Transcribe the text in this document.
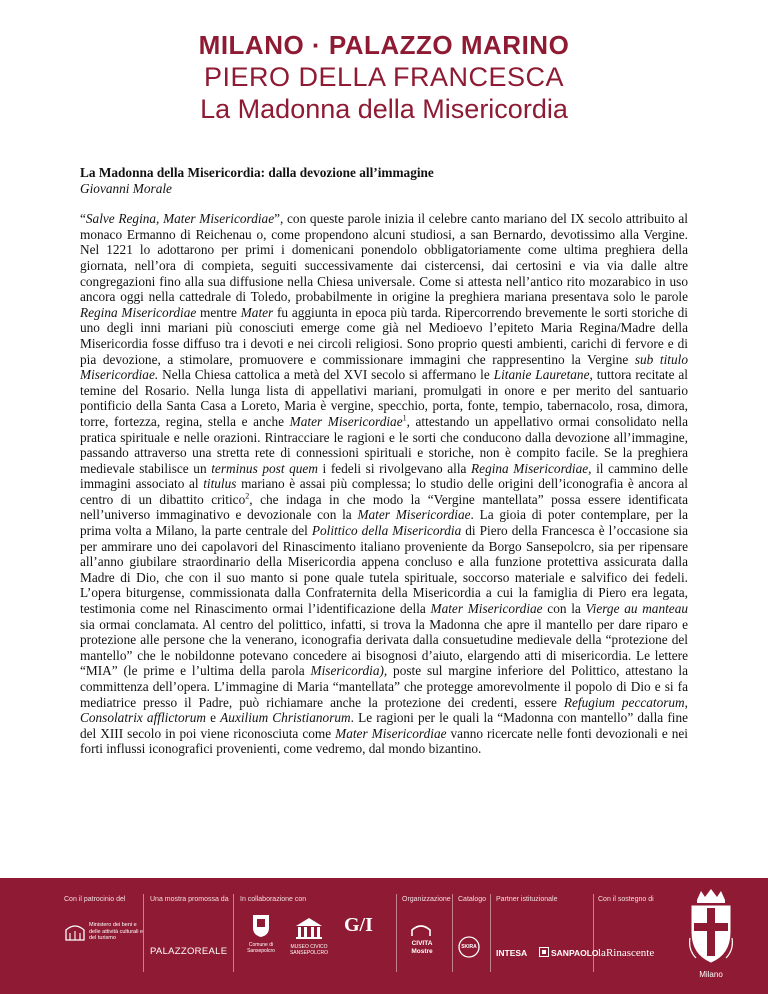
MILANO · PALAZZO MARINO
PIERO DELLA FRANCESCA
La Madonna della Misericordia
La Madonna della Misericordia: dalla devozione all’immagine
Giovanni Morale
“Salve Regina, Mater Misericordiae”, con queste parole inizia il celebre canto mariano del IX secolo attribuito al monaco Ermanno di Reichenau o, come propendono alcuni studiosi, a san Bernardo, devotissimo alla Vergine. Nel 1221 lo adottarono per primi i domenicani ponendolo obbligatoriamente come ultima preghiera della giornata, nell’ora di compieta, seguiti successivamente dai cistercensi, dai certosini e via via dalle altre congregazioni fino alla sua diffusione nella Chiesa universale. Come si attesta nell’antico rito mozarabico in uso ancora oggi nella cattedrale di Toledo, probabilmente in origine la preghiera mariana presentava solo le parole Regina Misericordiae mentre Mater fu aggiunta in epoca più tarda. Ripercorrendo brevemente le sorti storiche di uno degli inni mariani più conosciuti emerge come già nel Medioevo l’epiteto Maria Regina/Madre della Misericordia fosse diffuso tra i devoti e nei circoli religiosi. Sono proprio questi ambienti, carichi di fervore e di pia devozione, a stimolare, promuovere e commissionare immagini che rappresentino la Vergine sub titulo Misericordiae. Nella Chiesa cattolica a metà del XVI secolo si affermano le Litanie Lauretane, tuttora recitate al temine del Rosario. Nella lunga lista di appellativi mariani, promulgati in onore e per merito del santuario pontificio della Santa Casa a Loreto, Maria è vergine, specchio, porta, fonte, tempio, tabernacolo, rosa, dimora, torre, fortezza, regina, stella e anche Mater Misericordiae$^1$, attestando un appellativo ormai consolidato nella pratica spirituale e nelle orazioni. Rintracciare le ragioni e le sorti che conducono dalla devozione all’immagine, passando attraverso una stretta rete di connessioni spirituali e storiche, non è compito facile. Se la preghiera medievale stabilisce un terminus post quem i fedeli si rivolgevano alla Regina Misericordiae, il cammino delle immagini associato al titulus mariano è assai più complessa; lo studio delle origini dell’iconografia è ancora al centro di un dibattito critico$^2$, che indaga in che modo la “Vergine mantellata” possa essere identificata nell’universo immaginativo e devozionale con la Mater Misericordiae. La gioia di poter contemplare, per la prima volta a Milano, la parte centrale del Polittico della Misericordia di Piero della Francesca è l’occasione sia per ammirare uno dei capolavori del Rinascimento italiano proveniente da Borgo Sansepolcro, sia per ripensare all’anno giubilare straordinario della Misericordia appena concluso e alla funzione protettiva assicurata dalla Madre di Dio, che con il suo manto si pone quale tutela spirituale, soccorso materiale e salvifico dei fedeli. L’opera biturgense, commissionata dalla Confraternita della Misericordia a cui la famiglia di Piero era legata, testimonia come nel Rinascimento ormai l’identificazione della Mater Misericordiae con la Vierge au manteau sia ormai conclamata. Al centro del polittico, infatti, si trova la Madonna che apre il mantello per dare riparo e protezione alle persone che la venerano, iconografia derivata dalla consuetudine medievale della “protezione del mantello” che le nobildonne potevano concedere ai bisognosi d’aiuto, elargendo atti di misericordia. Le lettere “MIA” (le prime e l’ultima della parola Misericordia), poste sul margine inferiore del Polittico, attestano la committenza dell’opera. L’immagine di Maria “mantellata” che protegge amorevolmente il popolo di Dio e si fa mediatrice presso il Padre, può richiamare anche la protezione dei credenti, essere Refugium peccatorum, Consolatrix afflictorum e Auxilium Christianorum. Le ragioni per le quali la “Madonna con mantello” dalla fine del XIII secolo in poi viene riconosciuta come Mater Misericordiae vanno ricercate nelle fonti devozionali e nei forti influssi iconografici provenienti, come vedremo, dal mondo bizantino.
Con il patrocinio del
Ministero dei beni e delle attività culturali e del turismo
Una mostra promossa da
PALAZZOREALE
In collaborazione con
Comune di Sansepolcro
MUSEO CIVICO SANSEPOLCRO
G/I
Organizzazione
CIVITA Mostre
Catalogo
SKIRA
Partner istituzionale
INTESA	SANPAOLO
Con il sostegno di
laRinascente
Milano
